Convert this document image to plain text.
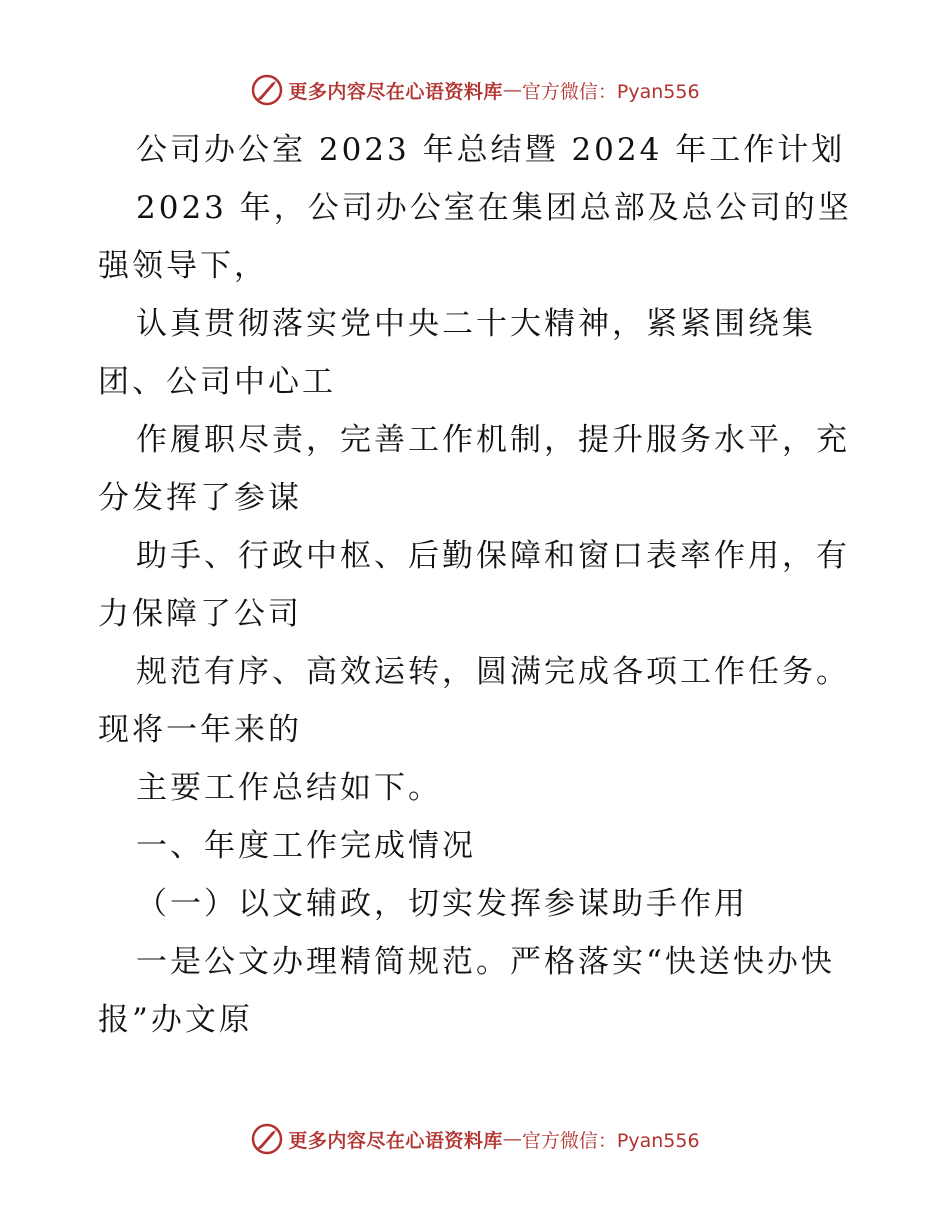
更多内容尽在心语资料库 — 官方微信：Pyan556
公司办公室 2023 年总结暨 2024 年工作计划
2023 年，公司办公室在集团总部及总公司的坚
强领导下，
认真贯彻落实党中央二十大精神，紧紧围绕集
团、公司中心工
作履职尽责，完善工作机制，提升服务水平，充
分发挥了参谋
助手、行政中枢、后勤保障和窗口表率作用，有
力保障了公司
规范有序、高效运转，圆满完成各项工作任务。
现将一年来的
主要工作总结如下。
一、年度工作完成情况
（一）以文辅政，切实发挥参谋助手作用
一是公文办理精简规范。严格落实“快送快办快
报”办文原
更多内容尽在心语资料库 — 官方微信：Pyan556
